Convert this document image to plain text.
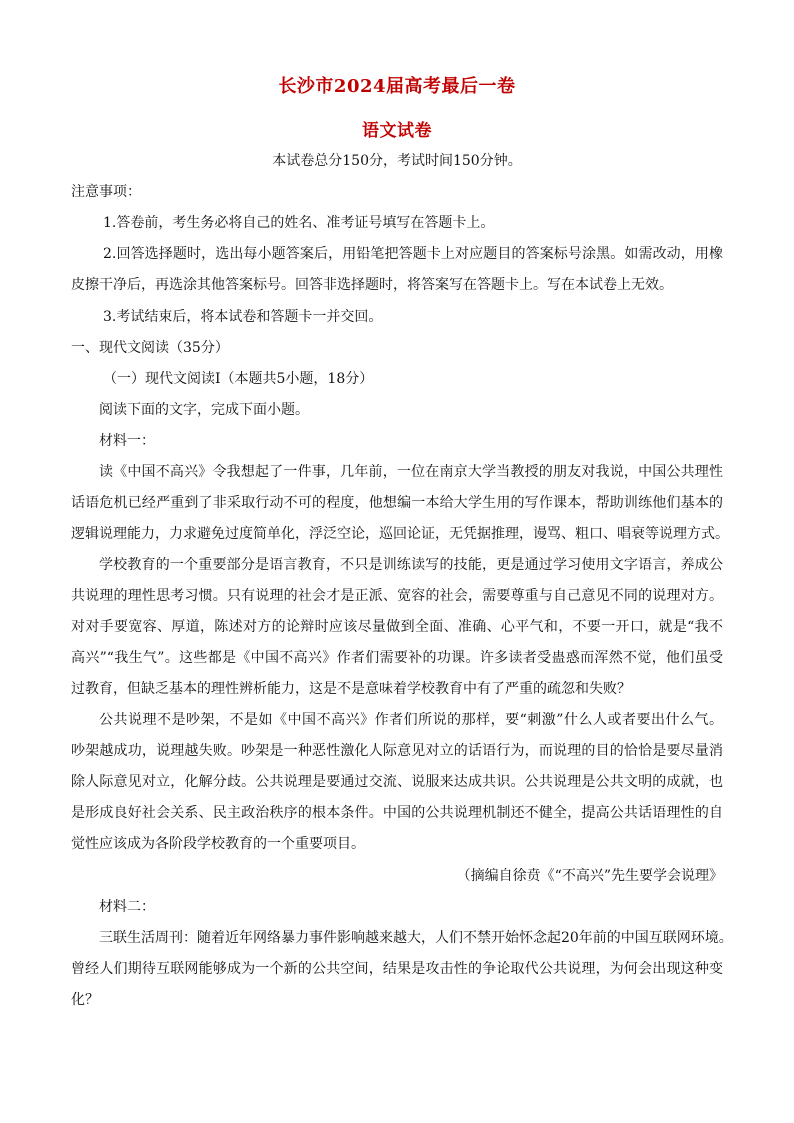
长沙市2024届高考最后一卷
语文试卷
本试卷总分150分，考试时间150分钟。
注意事项：
1.答卷前，考生务必将自己的姓名、准考证号填写在答题卡上。
2.回答选择题时，选出每小题答案后，用铅笔把答题卡上对应题目的答案标号涂黑。如需改动，用橡
皮擦干净后，再选涂其他答案标号。回答非选择题时，将答案写在答题卡上。写在本试卷上无效。
3.考试结束后，将本试卷和答题卡一并交回。
一、现代文阅读（35分）
（一）现代文阅读Ⅰ（本题共5小题，18分）
阅读下面的文字，完成下面小题。
材料一：
读《中国不高兴》令我想起了一件事，几年前，一位在南京大学当教授的朋友对我说，中国公共理性
话语危机已经严重到了非采取行动不可的程度，他想编一本给大学生用的写作课本，帮助训练他们基本的
逻辑说理能力，力求避免过度简单化，浮泛空论，巡回论证，无凭据推理，谩骂、粗口、唱衰等说理方式。
学校教育的一个重要部分是语言教育，不只是训练读写的技能，更是通过学习使用文字语言，养成公
共说理的理性思考习惯。只有说理的社会才是正派、宽容的社会，需要尊重与自己意见不同的说理对方。
对对手要宽容、厚道，陈述对方的论辩时应该尽量做到全面、准确、心平气和，不要一开口，就是“我不
高兴”“我生气”。这些都是《中国不高兴》作者们需要补的功课。许多读者受蛊惑而浑然不觉，他们虽受
过教育，但缺乏基本的理性辨析能力，这是不是意味着学校教育中有了严重的疏忽和失败？
公共说理不是吵架，不是如《中国不高兴》作者们所说的那样，要“刺激”什么人或者要出什么气。
吵架越成功，说理越失败。吵架是一种恶性激化人际意见对立的话语行为，而说理的目的恰恰是要尽量消
除人际意见对立，化解分歧。公共说理是要通过交流、说服来达成共识。公共说理是公共文明的成就，也
是形成良好社会关系、民主政治秩序的根本条件。中国的公共说理机制还不健全，提高公共话语理性的自
觉性应该成为各阶段学校教育的一个重要项目。
（摘编自徐贲《“不高兴”先生要学会说理》
材料二：
三联生活周刊：随着近年网络暴力事件影响越来越大，人们不禁开始怀念起20年前的中国互联网环境。
曾经人们期待互联网能够成为一个新的公共空间，结果是攻击性的争论取代公共说理，为何会出现这种变
化？
